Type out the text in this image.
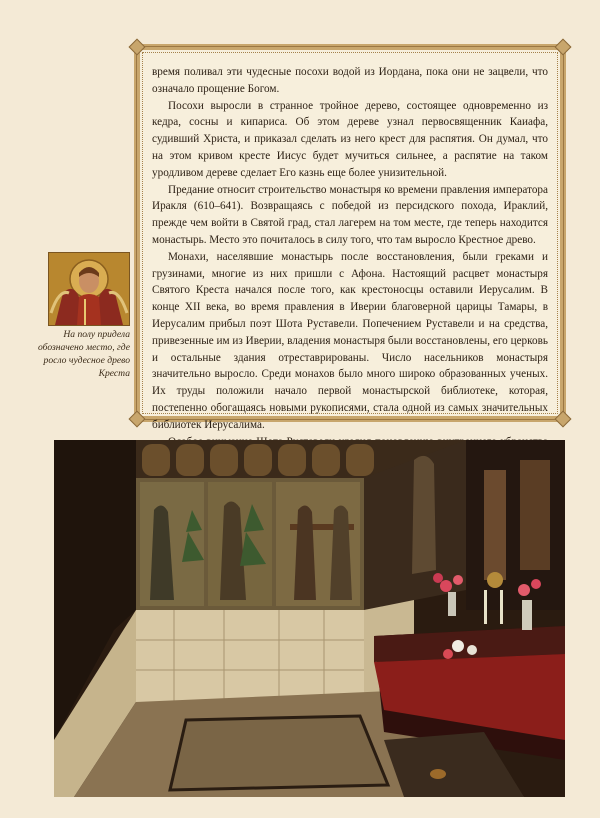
время поливал эти чудесные посохи водой из Иордана, пока они не зацвели, что означало прощение Богом.

Посохи выросли в странное тройное дерево, состоящее одновременно из кедра, сосны и кипариса. Об этом дереве узнал первосвященник Каиафа, судивший Христа, и приказал сделать из него крест для распятия. Он думал, что на этом кривом кресте Иисус будет мучиться сильнее, а распятие на таком уродливом дереве сделает Его казнь еще более унизительной.

Предание относит строительство монастыря ко времени правления императора Иракля (610–641). Возвращаясь с победой из персидского похода, Ираклий, прежде чем войти в Святой град, стал лагерем на том месте, где теперь находится монастырь. Место это почиталось в силу того, что там выросло Крестное древо.

Монахи, населявшие монастырь после восстановления, были греками и грузинами, многие из них пришли с Афона. Настоящий расцвет монастыря Святого Креста начался после того, как крестоносцы оставили Иерусалим. В конце XII века, во время правления в Иверии благоверной царицы Тамары, в Иерусалим прибыл поэт Шота Руставели. Попечением Руставели и на средства, привезенные им из Иверии, владения монастыря были восстановлены, его церковь и остальные здания отреставрированы. Число насельников монастыря значительно выросло. Среди монахов было много широко образованных ученых. Их труды положили начало первой монастырской библиотеке, которая, постепенно обогащаясь новыми рукописями, стала одной из самых значительных библиотек Иерусалима.

На полу придела обозначено место, где росло чудесное древо Креста
